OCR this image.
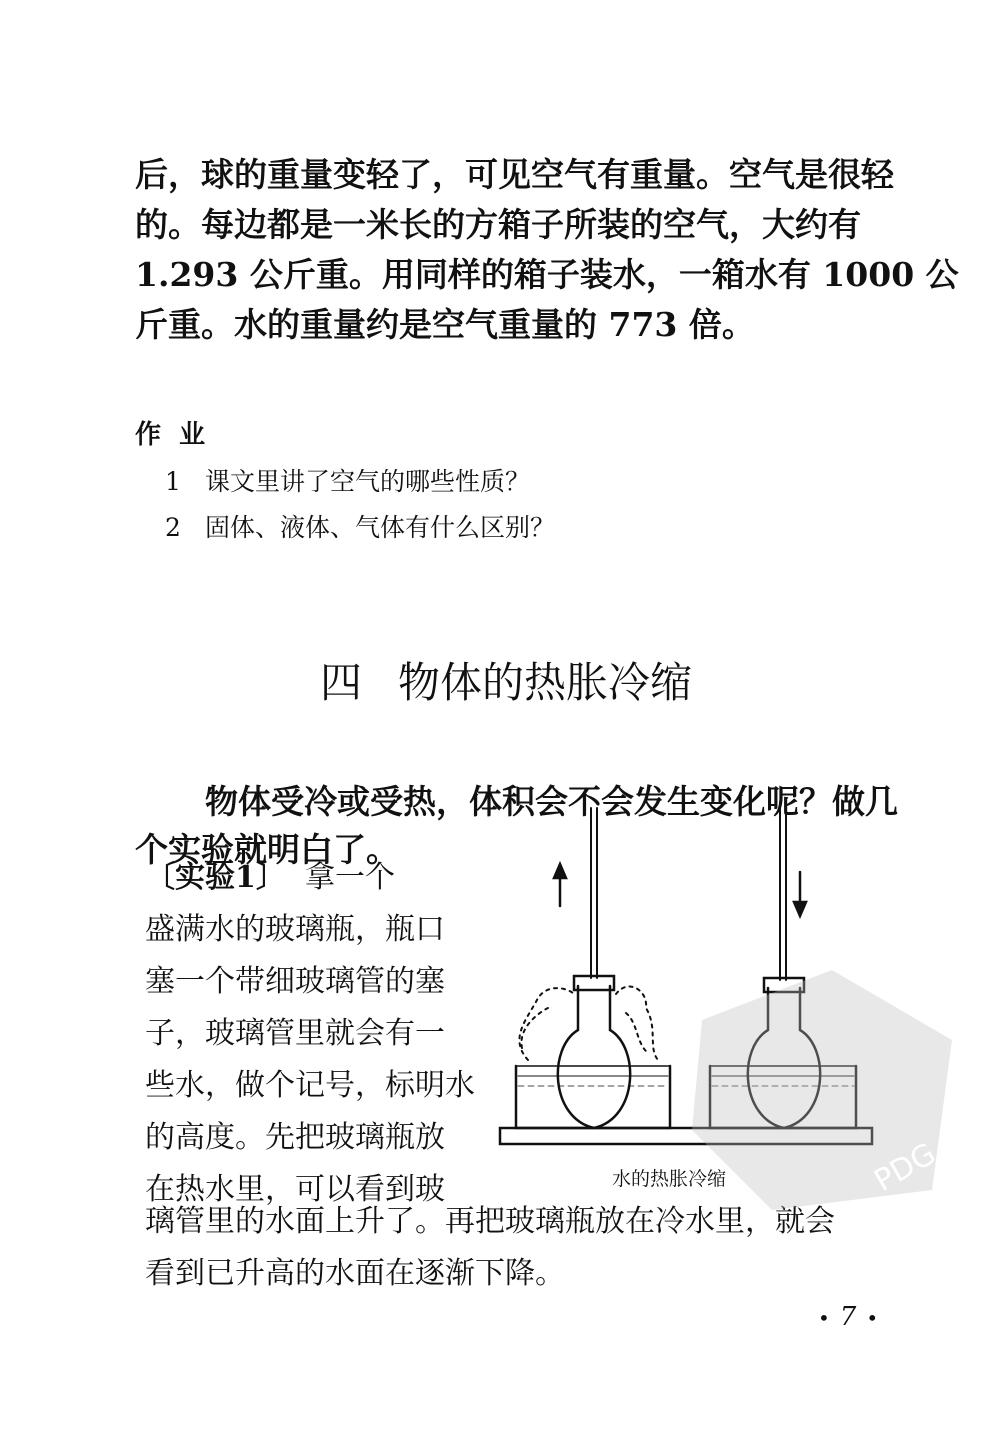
后，球的重量变轻了，可见空气有重量。空气是很轻
的。每边都是一米长的方箱子所装的空气，大约有
1.293 公斤重。用同样的箱子装水，一箱水有 1000 公
斤重。水的重量约是空气重量的 773 倍。
作业
1 课文里讲了空气的哪些性质？
2 固体、液体、气体有什么区别？
四 物体的热胀冷缩
物体受冷或受热，体积会不会发生变化呢？做几
个实验就明白了。
〔实验1〕 拿一个
盛满水的玻璃瓶，瓶口
塞一个带细玻璃管的塞
子，玻璃管里就会有一
些水，做个记号，标明水
的高度。先把玻璃瓶放
在热水里，可以看到玻
璃管里的水面上升了。再把玻璃瓶放在冷水里，就会
看到已升高的水面在逐渐下降。
水的热胀冷缩
• 7 •
PDG
